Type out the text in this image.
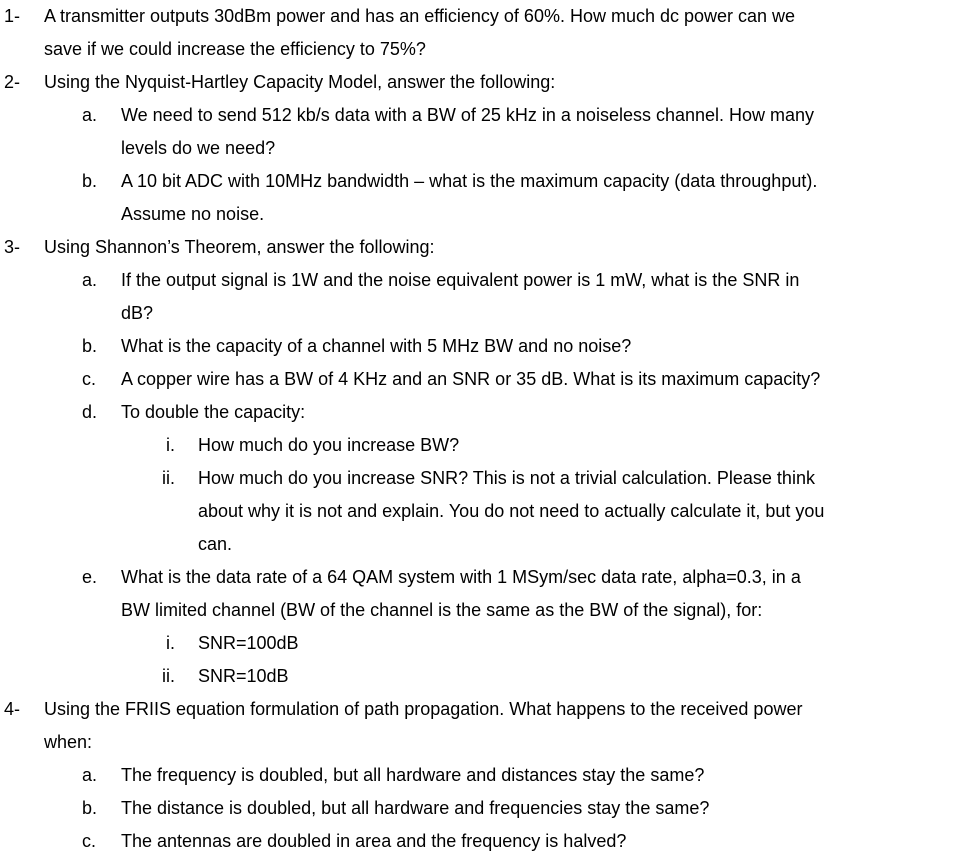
1- A transmitter outputs 30dBm power and has an efficiency of 60%. How much dc power can we
save if we could increase the efficiency to 75%?
2- Using the Nyquist-Hartley Capacity Model, answer the following:
a. We need to send 512 kb/s data with a BW of 25 kHz in a noiseless channel. How many
levels do we need?
b. A 10 bit ADC with 10MHz bandwidth – what is the maximum capacity (data throughput).
Assume no noise.
3- Using Shannon’s Theorem, answer the following:
a. If the output signal is 1W and the noise equivalent power is 1 mW, what is the SNR in
dB?
b. What is the capacity of a channel with 5 MHz BW and no noise?
c. A copper wire has a BW of 4 KHz and an SNR or 35 dB. What is its maximum capacity?
d. To double the capacity:
i. How much do you increase BW?
ii. How much do you increase SNR? This is not a trivial calculation. Please think
about why it is not and explain. You do not need to actually calculate it, but you
can.
e. What is the data rate of a 64 QAM system with 1 MSym/sec data rate, alpha=0.3, in a
BW limited channel (BW of the channel is the same as the BW of the signal), for:
i. SNR=100dB
ii. SNR=10dB
4- Using the FRIIS equation formulation of path propagation. What happens to the received power
when:
a. The frequency is doubled, but all hardware and distances stay the same?
b. The distance is doubled, but all hardware and frequencies stay the same?
c. The antennas are doubled in area and the frequency is halved?
